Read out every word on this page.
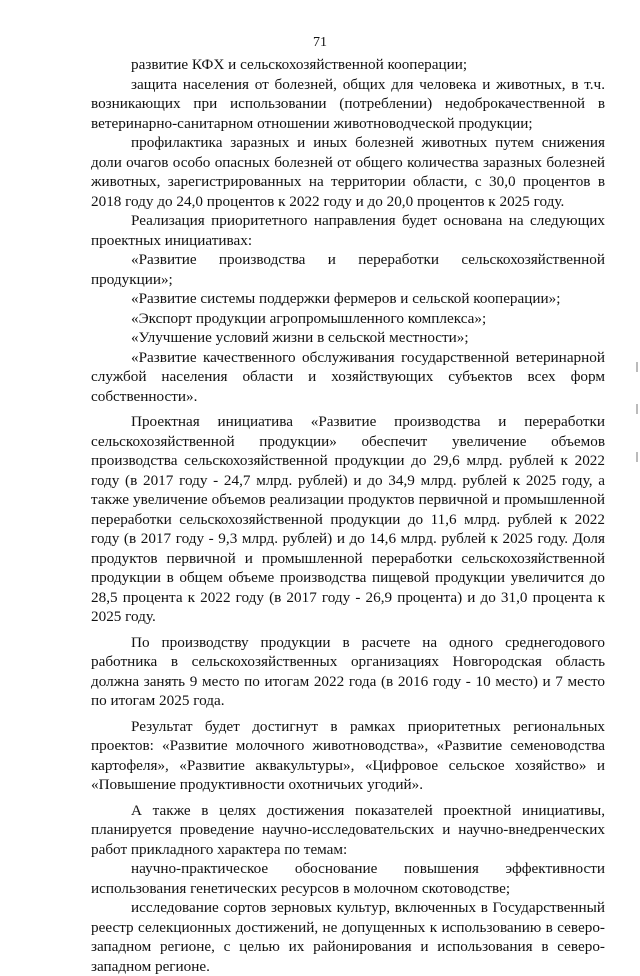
71

развитие КФХ и сельскохозяйственной кооперации;

защита населения от болезней, общих для человека и животных, в т.ч. возникающих при использовании (потреблении) недоброкачественной в ветеринарно-санитарном отношении животноводческой продукции;

профилактика заразных и иных болезней животных путем снижения доли очагов особо опасных болезней от общего количества заразных болезней животных, зарегистрированных на территории области, с 30,0 процентов в 2018 году до 24,0 процентов к 2022 году и до 20,0 процентов к 2025 году.

Реализация приоритетного направления будет основана на следующих проектных инициативах:

«Развитие производства и переработки сельскохозяйственной продукции»;

«Развитие системы поддержки фермеров и сельской кооперации»;

«Экспорт продукции агропромышленного комплекса»;

«Улучшение условий жизни в сельской местности»;

«Развитие качественного обслуживания государственной ветеринарной службой населения области и хозяйствующих субъектов всех форм собственности».

Проектная инициатива «Развитие производства и переработки сельскохозяйственной продукции» обеспечит увеличение объемов производства сельскохозяйственной продукции до 29,6 млрд. рублей к 2022 году (в 2017 году - 24,7 млрд. рублей) и до 34,9 млрд. рублей к 2025 году, а также увеличение объемов реализации продуктов первичной и промышленной переработки сельскохозяйственной продукции до 11,6 млрд. рублей к 2022 году (в 2017 году - 9,3 млрд. рублей) и до 14,6 млрд. рублей к 2025 году. Доля продуктов первичной и промышленной переработки сельскохозяйственной продукции в общем объеме производства пищевой продукции увеличится до 28,5 процента к 2022 году (в 2017 году - 26,9 процента) и до 31,0 процента к 2025 году.

По производству продукции в расчете на одного среднегодового работника в сельскохозяйственных организациях Новгородская область должна занять 9 место по итогам 2022 года (в 2016 году - 10 место) и 7 место по итогам 2025 года.

Результат будет достигнут в рамках приоритетных региональных проектов: «Развитие молочного животноводства», «Развитие семеноводства картофеля», «Развитие аквакультуры», «Цифровое сельское хозяйство» и «Повышение продуктивности охотничьих угодий».

А также в целях достижения показателей проектной инициативы, планируется проведение научно-исследовательских и научно-внедренческих работ прикладного характера по темам:

научно-практическое обоснование повышения эффективности использования генетических ресурсов в молочном скотоводстве;

исследование сортов зерновых культур, включенных в Государственный реестр селекционных достижений, не допущенных к использованию в северо-западном регионе, с целью их районирования и использования в северо-западном регионе.
